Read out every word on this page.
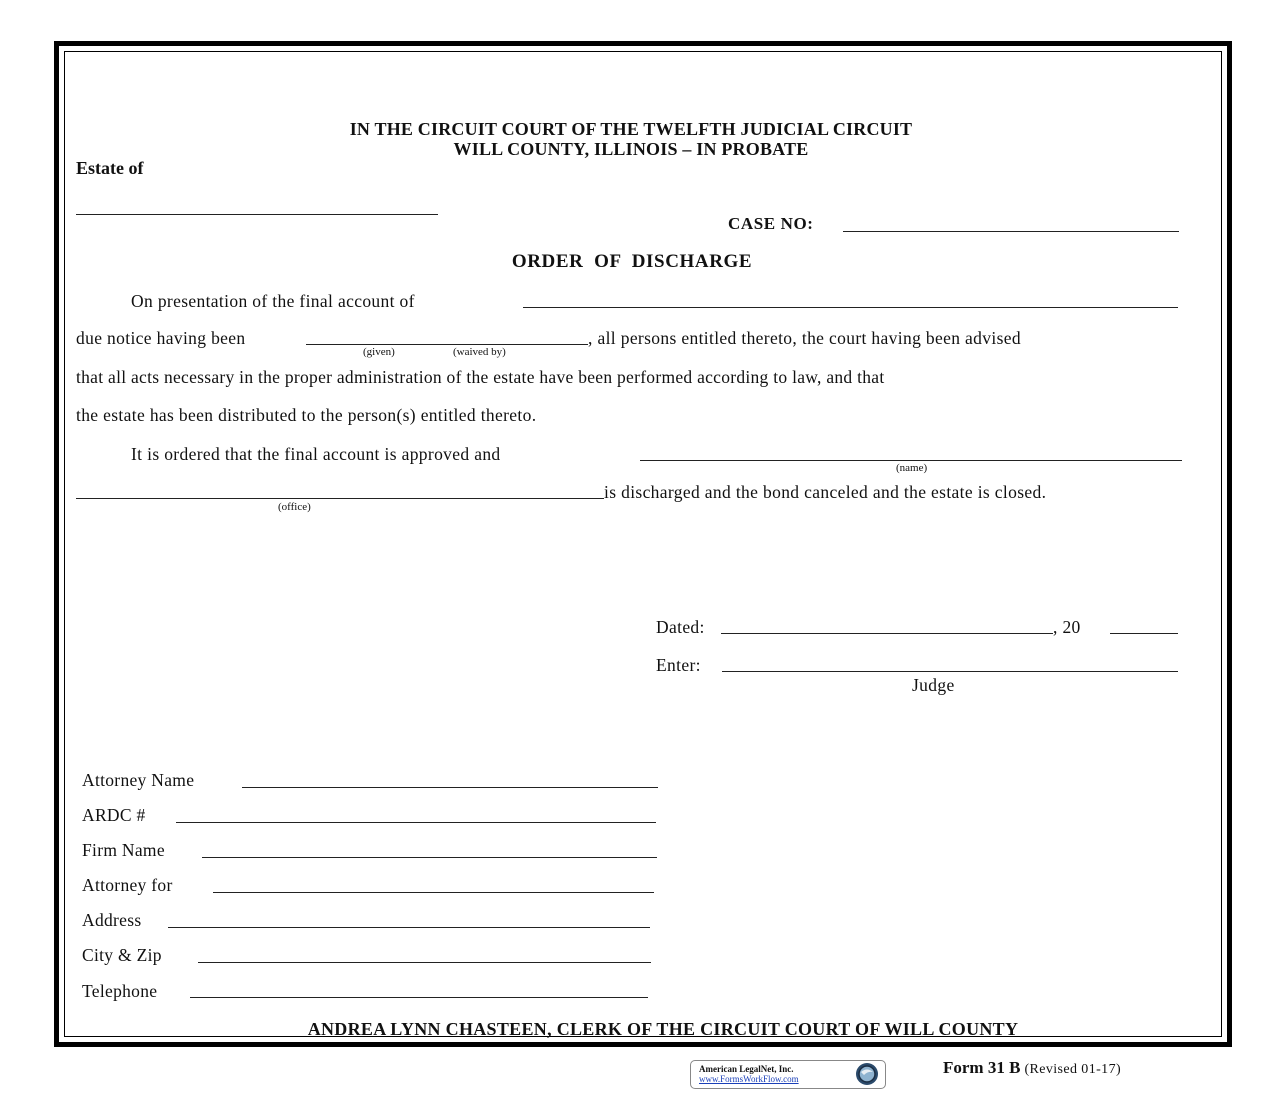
IN THE CIRCUIT COURT OF THE TWELFTH JUDICIAL CIRCUIT
WILL COUNTY, ILLINOIS – IN PROBATE
Estate of
CASE NO:
ORDER  OF  DISCHARGE
On presentation of the final account of
due notice having been
(given)	(waived by)
, all persons entitled thereto, the court having been advised
that all acts necessary in the proper administration of the estate have been performed according to law, and that
the estate has been distributed to the person(s) entitled thereto.
It is ordered that the final account is approved and
(name)
(office)
is discharged and the bond canceled and the estate is closed.
Dated:	, 20
Enter:
Judge
Attorney Name
ARDC #
Firm Name
Attorney for
Address
City & Zip
Telephone
ANDREA LYNN CHASTEEN, CLERK OF THE CIRCUIT COURT OF WILL COUNTY
American LegalNet, Inc.
www.FormsWorkFlow.com
Form 31 B (Revised 01-17)
